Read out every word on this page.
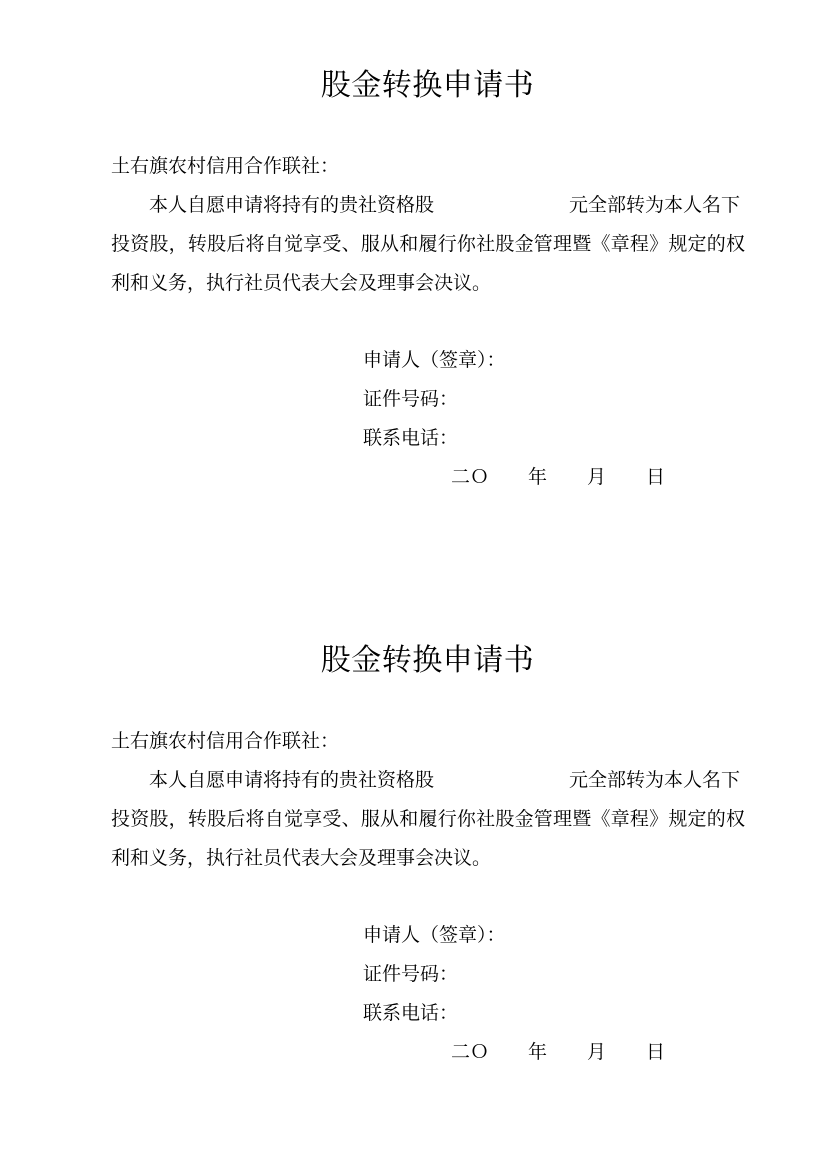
股金转换申请书
土右旗农村信用合作联社：
本人自愿申请将持有的贵社资格股	元全部转为本人名下
投资股，转股后将自觉享受、服从和履行你社股金管理暨《章程》规定的权
利和义务，执行社员代表大会及理事会决议。
申请人（签章）：
证件号码：
联系电话：
二Ｏ 年 月 日
股金转换申请书
土右旗农村信用合作联社：
本人自愿申请将持有的贵社资格股	元全部转为本人名下
投资股，转股后将自觉享受、服从和履行你社股金管理暨《章程》规定的权
利和义务，执行社员代表大会及理事会决议。
申请人（签章）：
证件号码：
联系电话：
二Ｏ 年 月 日
